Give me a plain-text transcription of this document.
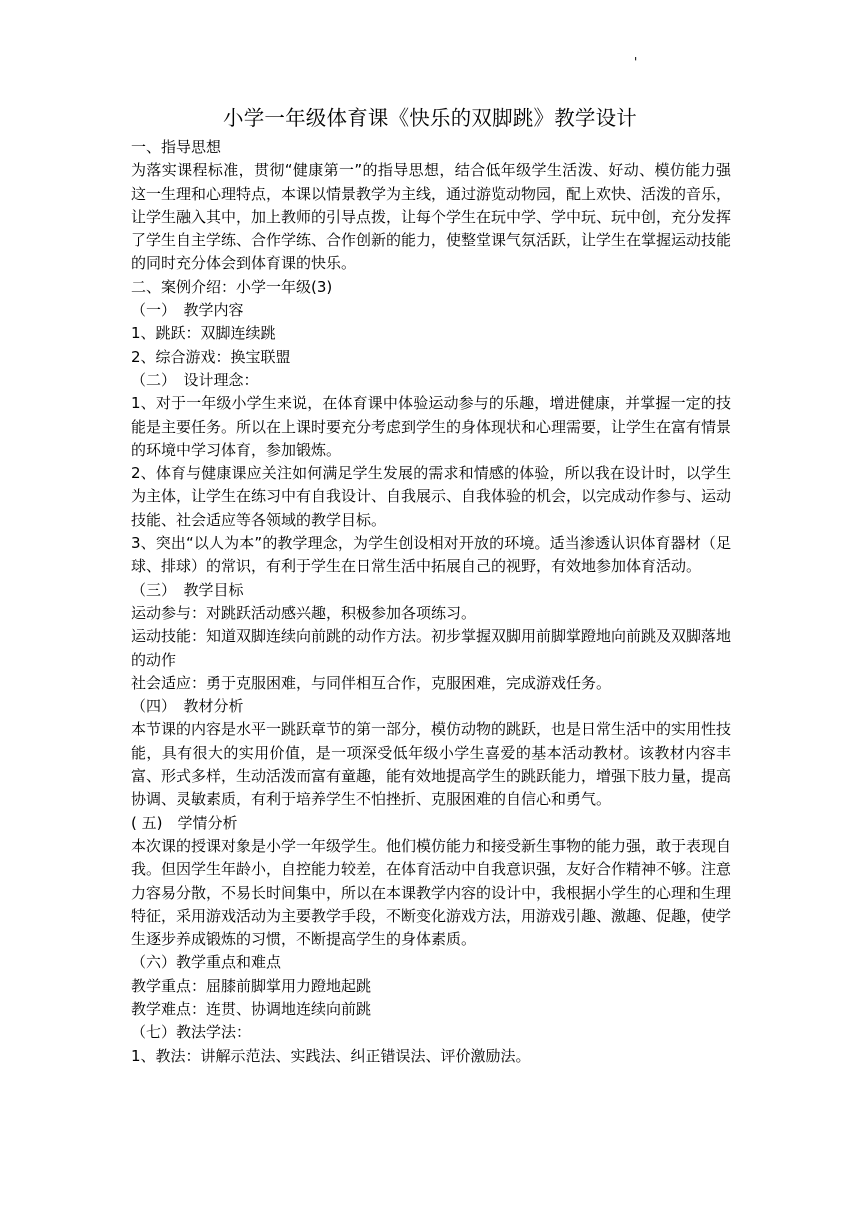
'
小学一年级体育课《快乐的双脚跳》教学设计

一、指导思想

为落实课程标准，贯彻“健康第一”的指导思想，结合低年级学生活泼、好动、模仿能力强这一生理和心理特点，本课以情景教学为主线，通过游览动物园，配上欢快、活泼的音乐，让学生融入其中，加上教师的引导点拨，让每个学生在玩中学、学中玩、玩中创，充分发挥了学生自主学练、合作学练、合作创新的能力，使整堂课气氛活跃，让学生在掌握运动技能的同时充分体会到体育课的快乐。

二、案例介绍：小学一年级(3)

（一）　教学内容

1、跳跃：双脚连续跳

2、综合游戏：换宝联盟

（二）　设计理念：

1、对于一年级小学生来说，在体育课中体验运动参与的乐趣，增进健康，并掌握一定的技能是主要任务。所以在上课时要充分考虑到学生的身体现状和心理需要，让学生在富有情景的环境中学习体育，参加锻炼。

2、体育与健康课应关注如何满足学生发展的需求和情感的体验，所以我在设计时，以学生为主体，让学生在练习中有自我设计、自我展示、自我体验的机会，以完成动作参与、运动技能、社会适应等各领域的教学目标。

3、突出“以人为本”的教学理念，为学生创设相对开放的环境。适当渗透认识体育器材（足球、排球）的常识，有利于学生在日常生活中拓展自己的视野，有效地参加体育活动。

（三）　教学目标

运动参与：对跳跃活动感兴趣，积极参加各项练习。

运动技能：知道双脚连续向前跳的动作方法。初步掌握双脚用前脚掌蹬地向前跳及双脚落地的动作

社会适应：勇于克服困难，与同伴相互合作，克服困难，完成游戏任务。

（四）　教材分析

本节课的内容是水平一跳跃章节的第一部分，模仿动物的跳跃，也是日常生活中的实用性技能，具有很大的实用价值，是一项深受低年级小学生喜爱的基本活动教材。该教材内容丰富、形式多样，生动活泼而富有童趣，能有效地提高学生的跳跃能力，增强下肢力量，提高协调、灵敏素质，有利于培养学生不怕挫折、克服困难的自信心和勇气。

( 五)　学情分析

本次课的授课对象是小学一年级学生。他们模仿能力和接受新生事物的能力强，敢于表现自我。但因学生年龄小，自控能力较差，在体育活动中自我意识强，友好合作精神不够。注意力容易分散，不易长时间集中，所以在本课教学内容的设计中，我根据小学生的心理和生理特征，采用游戏活动为主要教学手段，不断变化游戏方法，用游戏引趣、激趣、促趣，使学生逐步养成锻炼的习惯，不断提高学生的身体素质。

（六）教学重点和难点

教学重点：屈膝前脚掌用力蹬地起跳

教学难点：连贯、协调地连续向前跳

（七）教法学法：

1、教法：讲解示范法、实践法、纠正错误法、评价激励法。
